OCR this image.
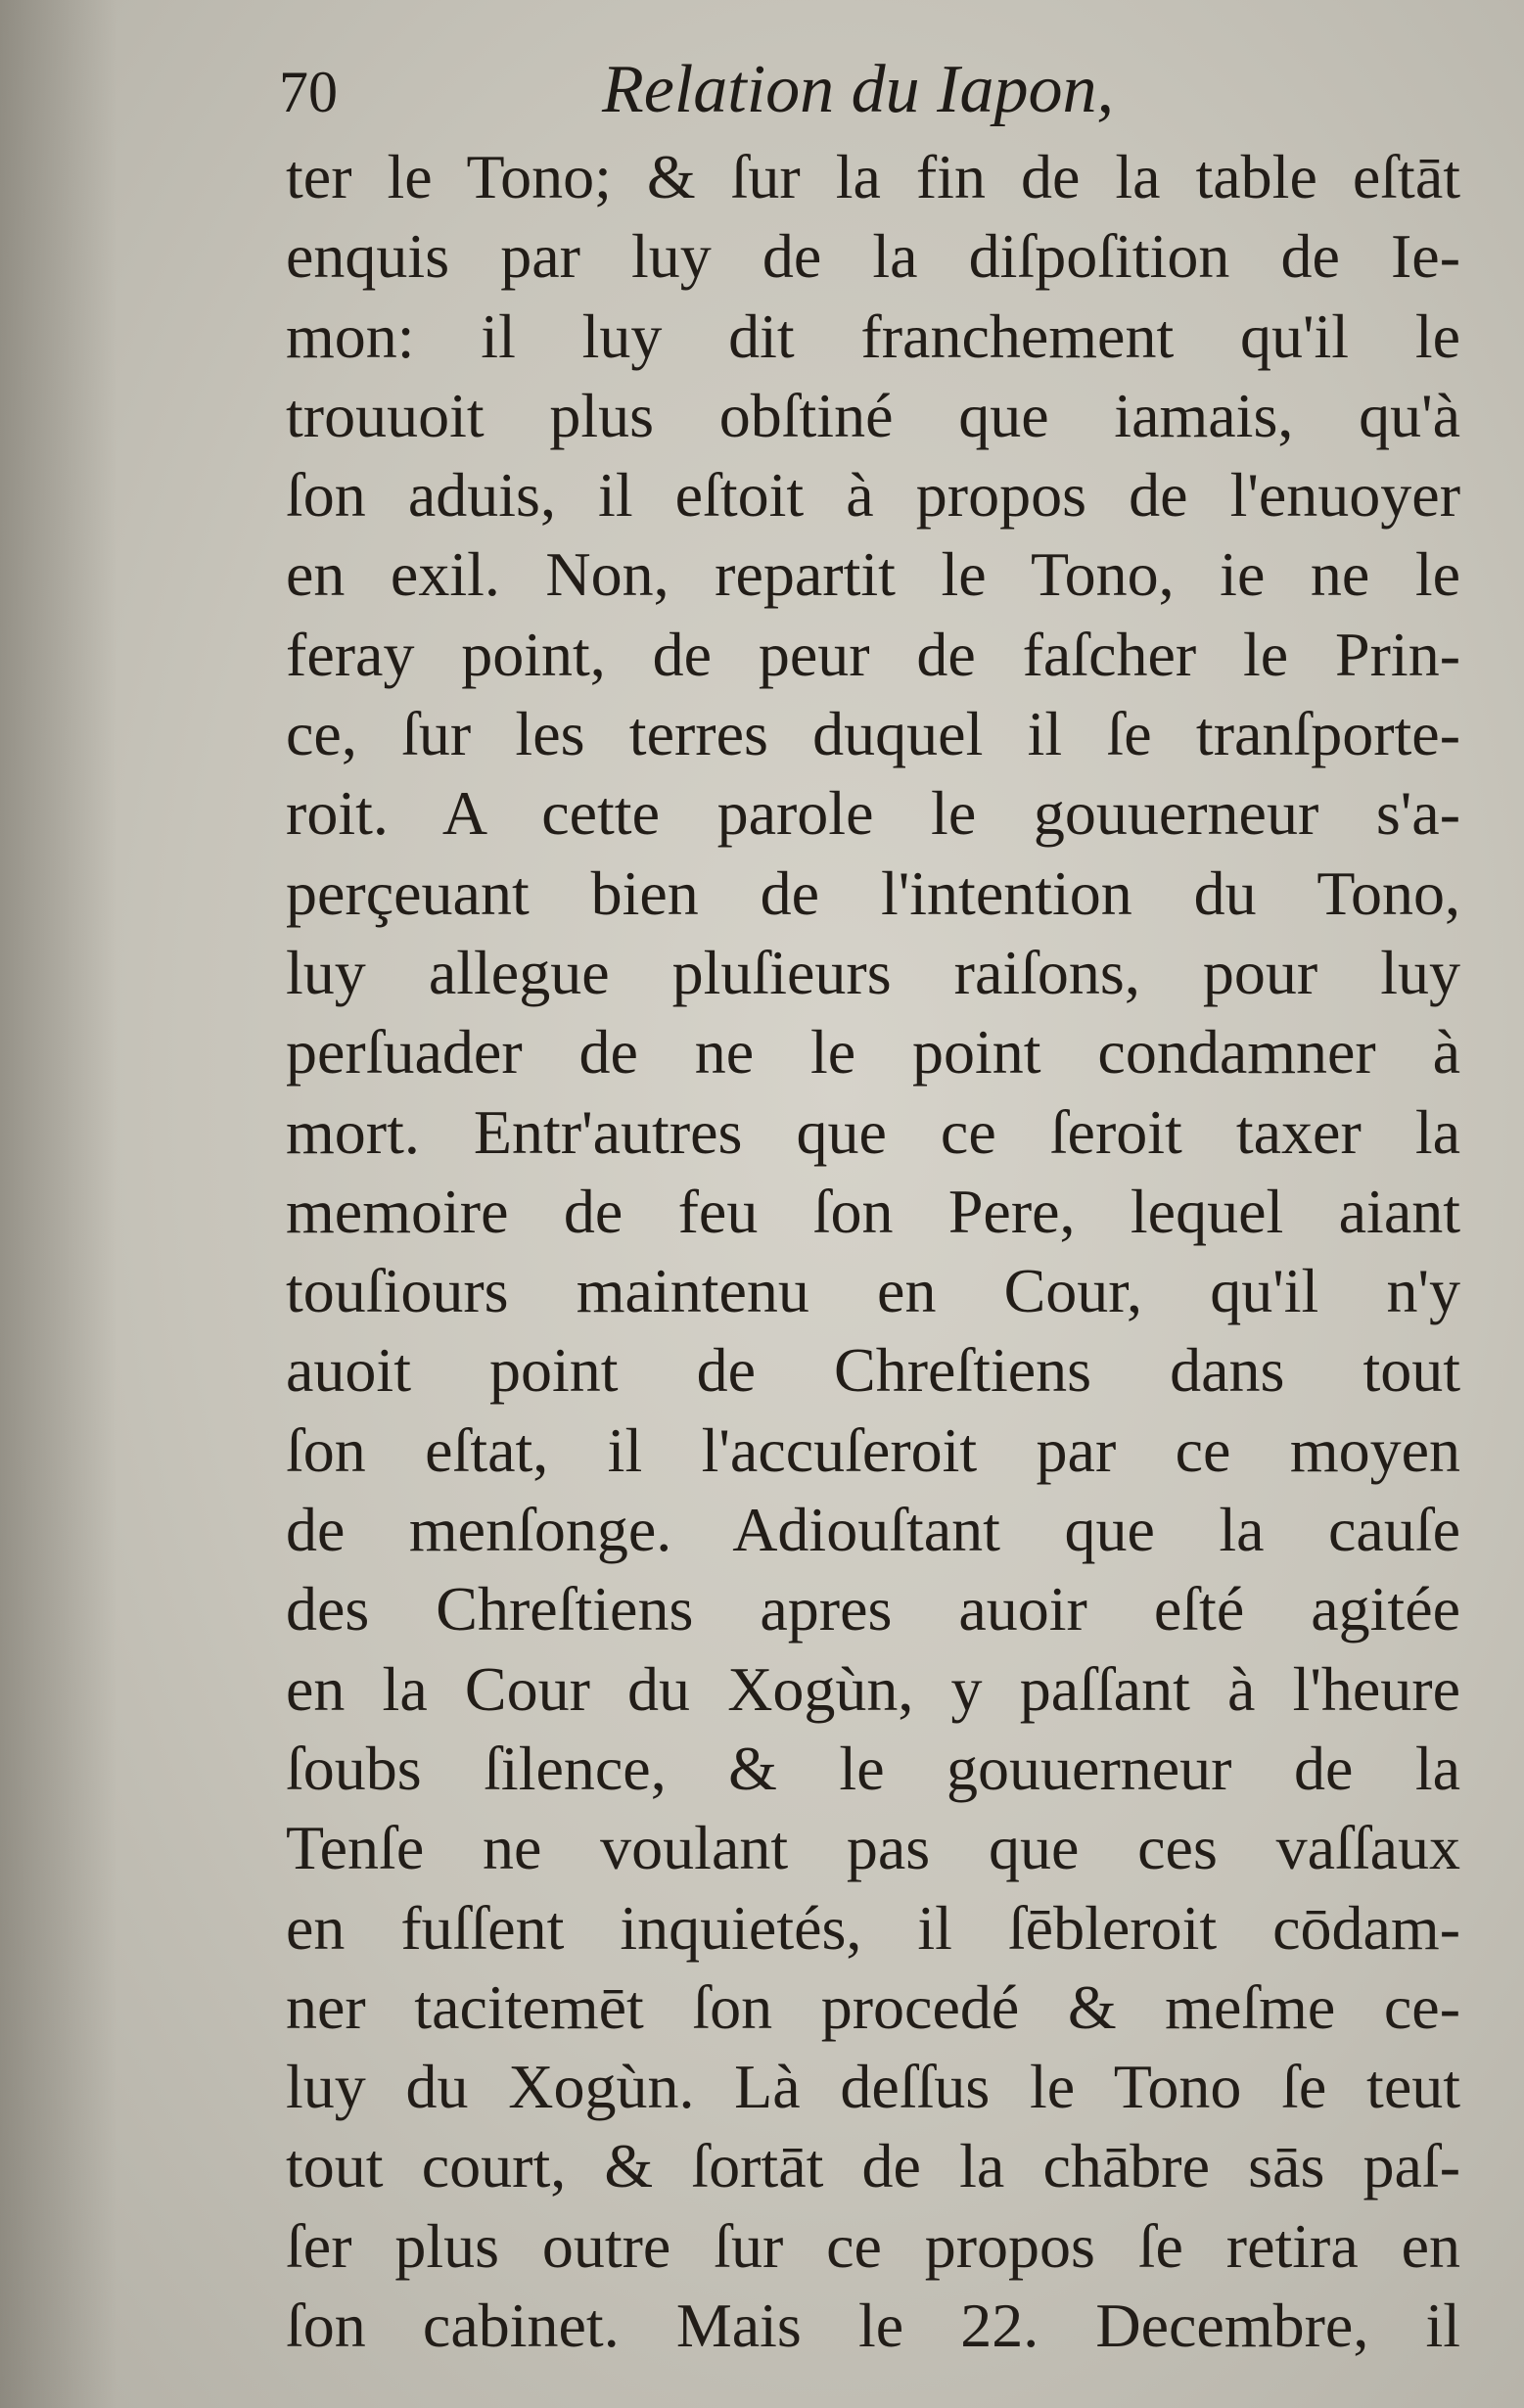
70	Relation du Iapon,
ter le Tono; & ſur la fin de la table eſtāt
enquis par luy de la diſpoſition de Ie-
mon: il luy dit franchement qu'il le
trouuoit plus obſtiné que iamais, qu'à
ſon aduis, il eſtoit à propos de l'enuoyer
en exil. Non, repartit le Tono, ie ne le
feray point, de peur de faſcher le Prin-
ce, ſur les terres duquel il ſe tranſporte-
roit. A cette parole le gouuerneur s'a-
perçeuant bien de l'intention du Tono,
luy allegue pluſieurs raiſons, pour luy
perſuader de ne le point condamner à
mort. Entr'autres que ce ſeroit taxer la
memoire de feu ſon Pere, lequel aiant
touſiours maintenu en Cour, qu'il n'y
auoit point de Chreſtiens dans tout
ſon eſtat, il l'accuſeroit par ce moyen
de menſonge. Adiouſtant que la cauſe
des Chreſtiens apres auoir eſté agitée
en la Cour du Xogùn, y paſſant à l'heure
ſoubs ſilence, & le gouuerneur de la
Tenſe ne voulant pas que ces vaſſaux
en fuſſent inquietés, il ſēbleroit cōdam-
ner tacitemēt ſon procedé & meſme ce-
luy du Xogùn. Là deſſus le Tono ſe teut
tout court, & ſortāt de la chābre sās paſ-
ſer plus outre ſur ce propos ſe retira en
ſon cabinet. Mais le 22. Decembre, il
